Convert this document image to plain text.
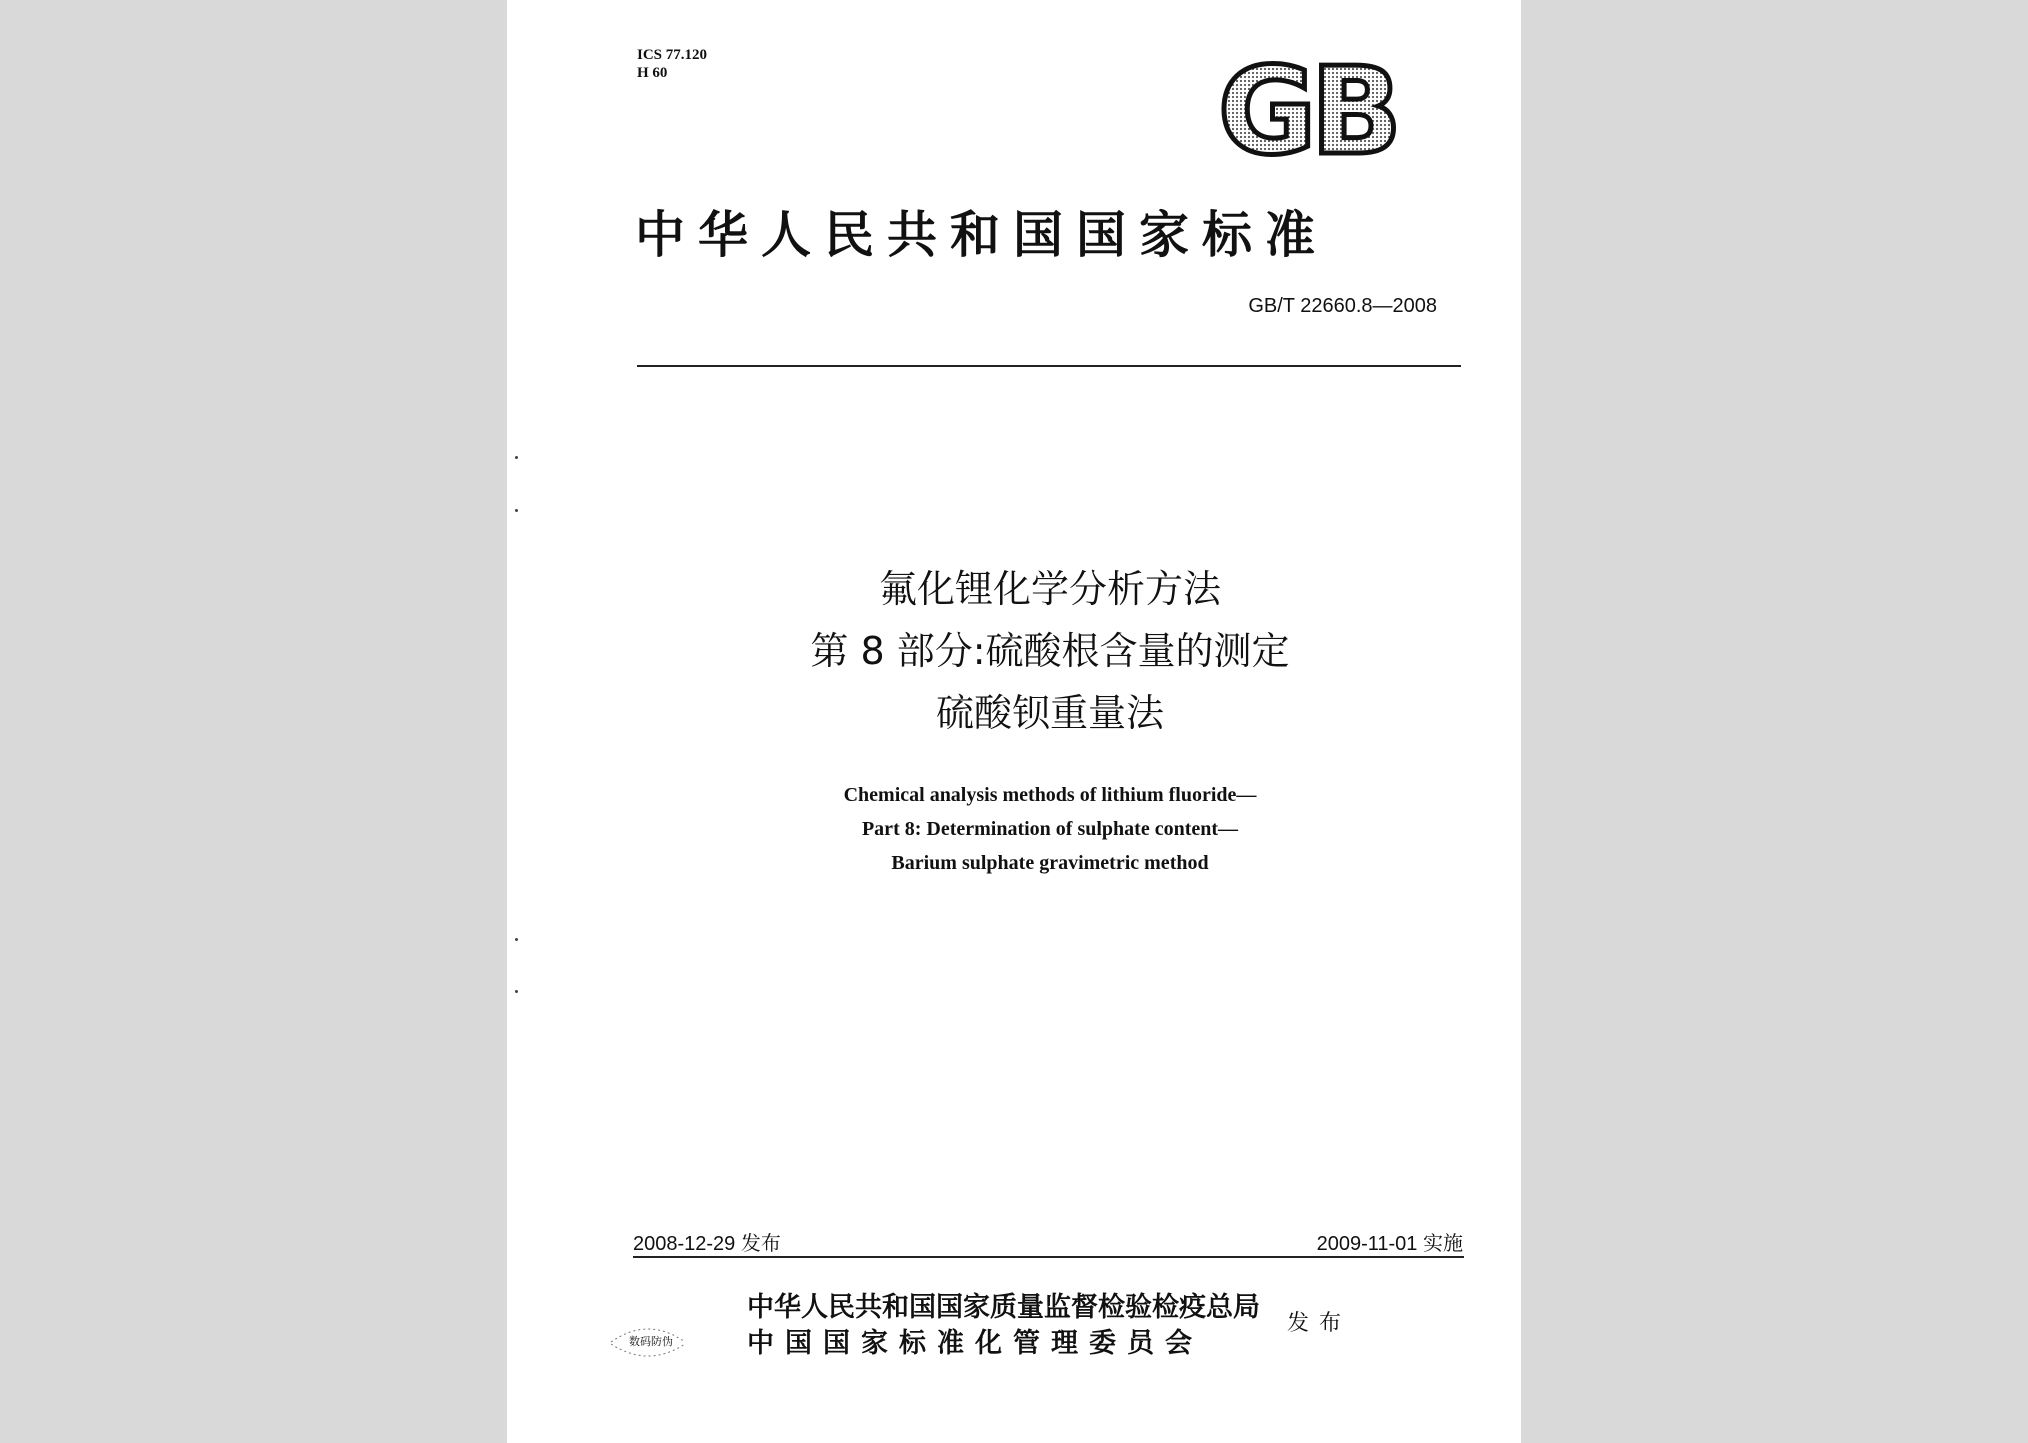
ICS 77.120
H 60	GB
中华人民共和国国家标准
GB/T 22660.8—2008
氟化锂化学分析方法
第 8 部分:硫酸根含量的测定
硫酸钡重量法
Chemical analysis methods of lithium fluoride—
Part 8: Determination of sulphate content—
Barium sulphate gravimetric method
2008-12-29 发布	2009-11-01 实施
数码防伪
中华人民共和国国家质量监督检验检疫总局
中国国家标准化管理委员会
发布
